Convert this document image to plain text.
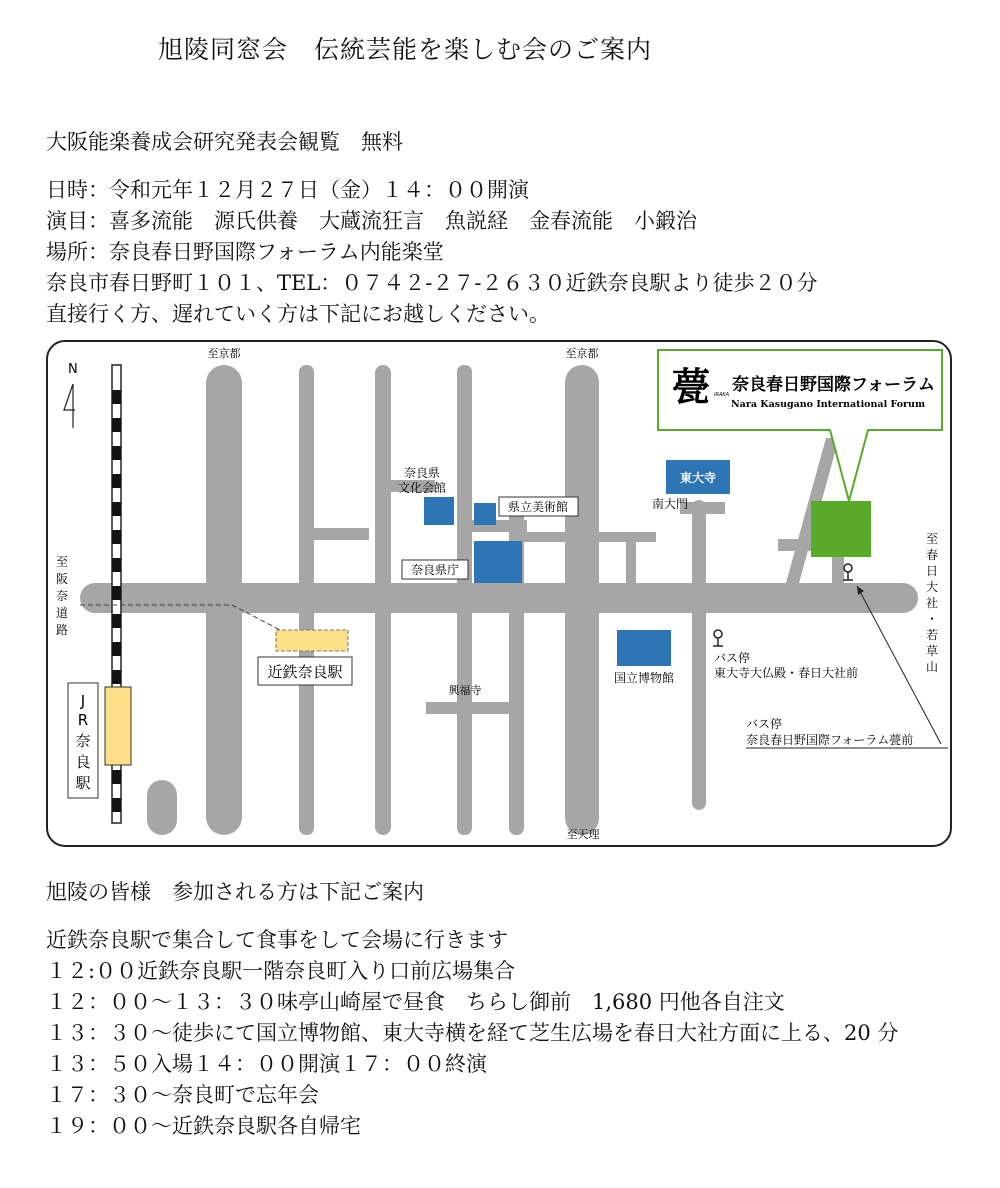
旭陵同窓会　伝統芸能を楽しむ会のご案内
大阪能楽養成会研究発表会観覧　無料
日時：令和元年１２月２７日（金）１４：００開演
演目：喜多流能　源氏供養　大蔵流狂言　魚説経　金春流能　小鍛治
場所：奈良春日野国際フォーラム内能楽堂
奈良市春日野町１０１、TEL：０７４２‐２７‐２６３０近鉄奈良駅より徒歩２０分
直接行く方、遅れていく方は下記にお越しください。
N
近鉄奈良駅
J R 奈良駅
至京都	至京都
至天理
至阪奈道路
至春日大社・若草山
奈良県文化会館
県立美術館
奈良県庁
東大寺
南大門
興福寺
国立博物館
バス停
東大寺大仏殿・春日大社前
バス停
奈良春日野国際フォーラム甍前
甍 IRAKA 奈良春日野国際フォーラム
Nara Kasugano International Forum
旭陵の皆様　参加される方は下記ご案内
近鉄奈良駅で集合して食事をして会場に行きます
１２:００近鉄奈良駅一階奈良町入り口前広場集合
１２：００～１３：３０味亭山崎屋で昼食　ちらし御前　1,680 円他各自注文
１３：３０～徒歩にて国立博物館、東大寺横を経て芝生広場を春日大社方面に上る、20 分
１３：５０入場１４：００開演１７：００終演
１７：３０～奈良町で忘年会
１９：００～近鉄奈良駅各自帰宅
